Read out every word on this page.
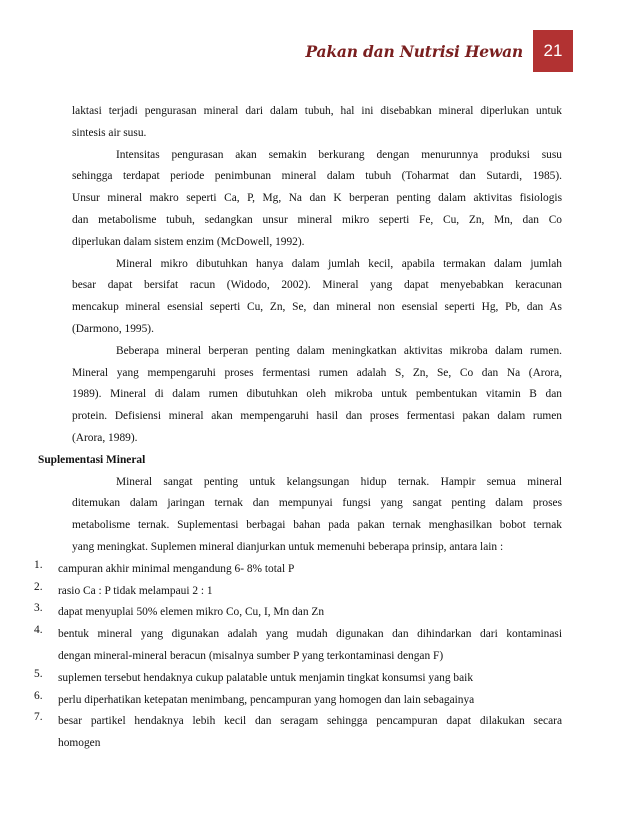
Pakan dan Nutrisi Hewan	21
laktasi terjadi pengurasan mineral dari dalam tubuh, hal ini disebabkan mineral diperlukan untuk
sintesis air susu.
Intensitas pengurasan akan semakin berkurang dengan menurunnya produksi susu
sehingga terdapat periode penimbunan mineral dalam tubuh (Toharmat dan Sutardi, 1985).
Unsur mineral makro seperti Ca, P, Mg, Na dan K berperan penting dalam aktivitas fisiologis
dan metabolisme tubuh, sedangkan unsur mineral mikro seperti Fe, Cu, Zn, Mn, dan Co
diperlukan dalam sistem enzim (McDowell, 1992).
Mineral mikro dibutuhkan hanya dalam jumlah kecil, apabila termakan dalam jumlah
besar dapat bersifat racun (Widodo, 2002). Mineral yang dapat menyebabkan keracunan
mencakup mineral esensial seperti Cu, Zn, Se, dan mineral non esensial seperti Hg, Pb, dan As
(Darmono, 1995).
Beberapa mineral berperan penting dalam meningkatkan aktivitas mikroba dalam rumen.
Mineral yang mempengaruhi proses fermentasi rumen adalah S, Zn, Se, Co dan Na (Arora,
1989). Mineral di dalam rumen dibutuhkan oleh mikroba untuk pembentukan vitamin B dan
protein. Defisiensi mineral akan mempengaruhi hasil dan proses fermentasi pakan dalam rumen
(Arora, 1989).
Suplementasi Mineral
Mineral sangat penting untuk kelangsungan hidup ternak. Hampir semua mineral
ditemukan dalam jaringan ternak dan mempunyai fungsi yang sangat penting dalam proses
metabolisme ternak. Suplementasi berbagai bahan pada pakan ternak menghasilkan bobot ternak
yang meningkat. Suplemen mineral dianjurkan untuk memenuhi beberapa prinsip, antara lain :
1.	campuran akhir minimal mengandung 6- 8% total P
2.	rasio Ca : P tidak melampaui 2 : 1
3.	dapat menyuplai 50% elemen mikro Co, Cu, I, Mn dan Zn
4.	bentuk mineral yang digunakan adalah yang mudah digunakan dan dihindarkan dari kontaminasi
dengan mineral-mineral beracun (misalnya sumber P yang terkontaminasi dengan F)
5.	suplemen tersebut hendaknya cukup palatable untuk menjamin tingkat konsumsi yang baik
6.	perlu diperhatikan ketepatan menimbang, pencampuran yang homogen dan lain sebagainya
7.	besar partikel hendaknya lebih kecil dan seragam sehingga pencampuran dapat dilakukan secara
homogen
